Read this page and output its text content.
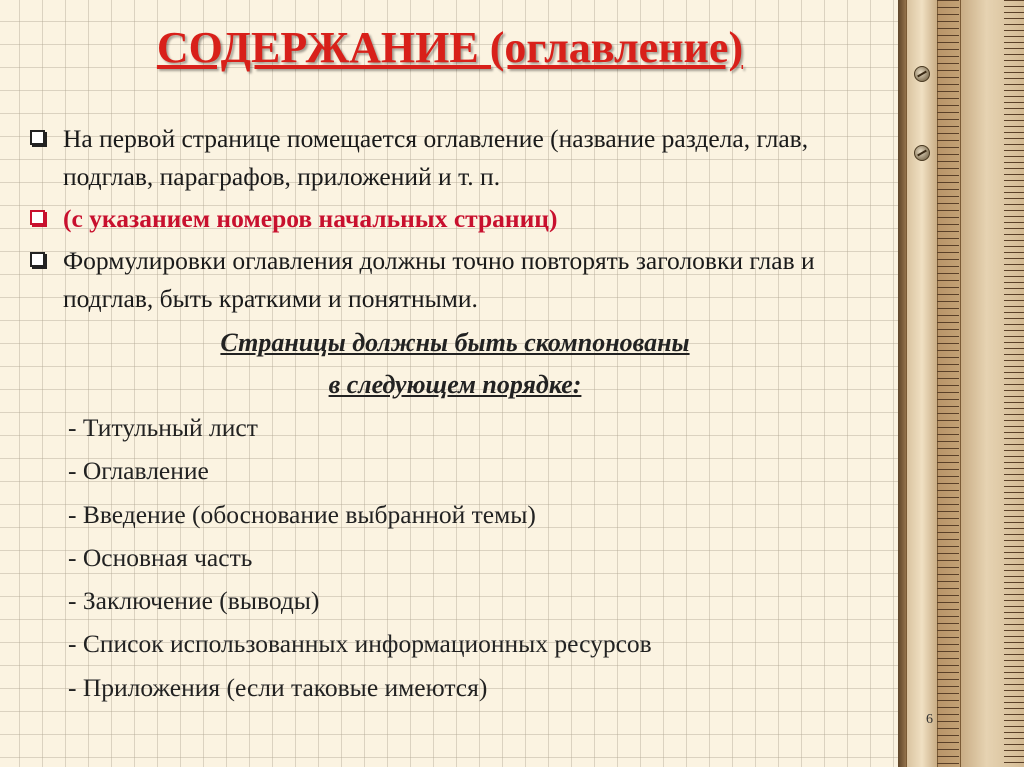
СОДЕРЖАНИЕ (оглавление)
На первой странице помещается оглавление (название раздела, глав, подглав, параграфов, приложений и т. п.
(с указанием номеров начальных страниц)
Формулировки оглавления должны точно повторять заголовки глав и подглав, быть краткими и понятными.
Страницы должны быть скомпонованы
в следующем порядке:
- Титульный лист
- Оглавление
- Введение (обоснование выбранной темы)
- Основная часть
- Заключение (выводы)
- Список использованных информационных ресурсов
- Приложения (если таковые имеются)
6
